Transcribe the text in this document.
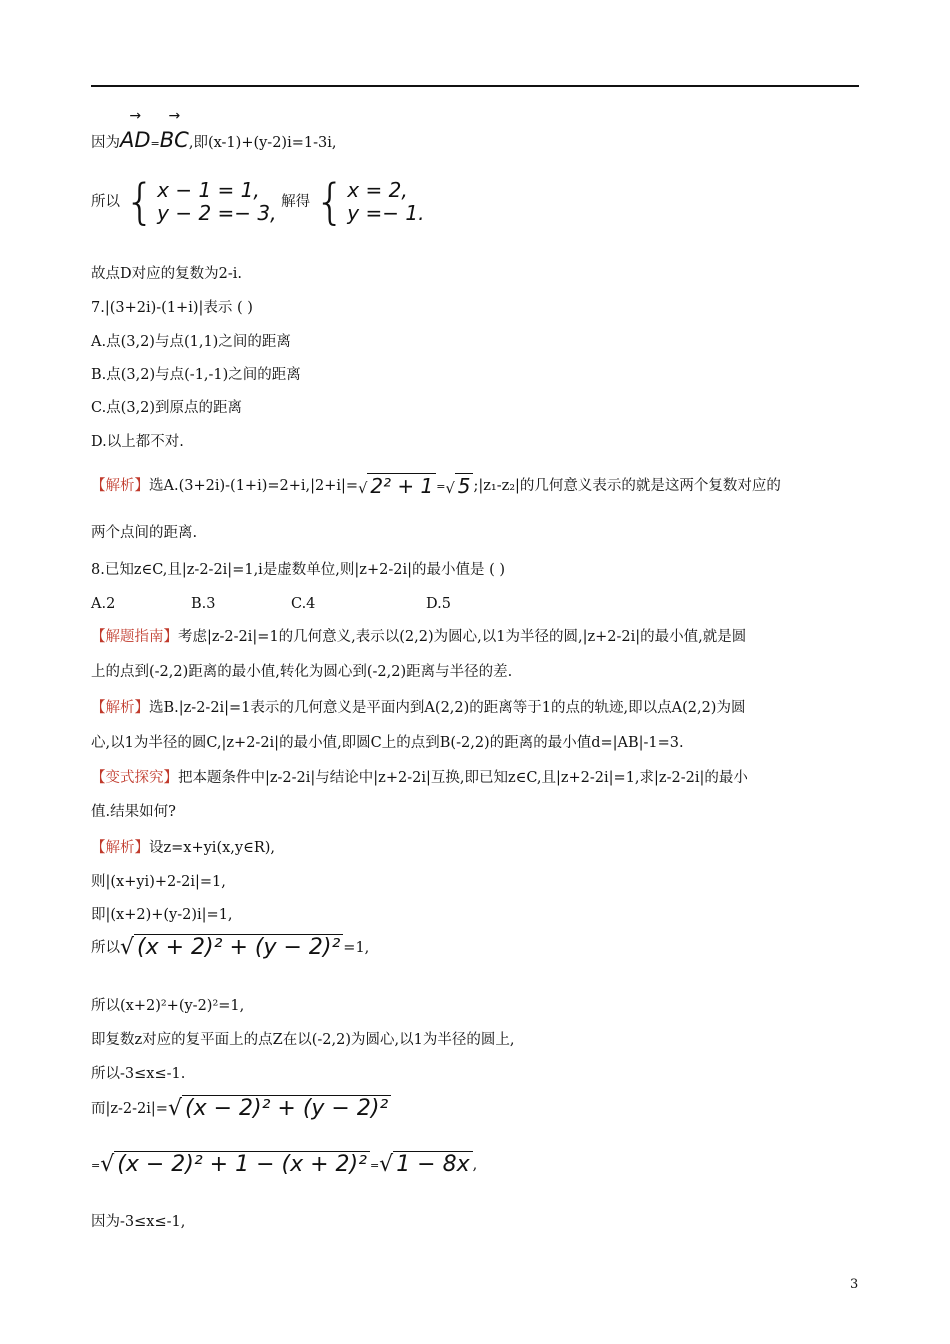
因为
→
AD=
→
BC,即(x-1)+(y-2)i=1-3i,
所以 { x − 1 = 1,
y − 2 =− 3, 解得 { x = 2,
y =− 1.
故点D对应的复数为2-i.
7.|(3+2i)-(1+i)|表示 ( )
A.点(3,2)与点(1,1)之间的距离
B.点(3,2)与点(-1,-1)之间的距离
C.点(3,2)到原点的距离
D.以上都不对.
【解析】选A.(3+2i)-(1+i)=2+i,|2+i|=√ 2² + 1 =√ 5 ;|z₁-z₂|的几何意义表示的就是这两个复数对应的
两个点间的距离.
8.已知z∈C,且|z-2-2i|=1,i是虚数单位,则|z+2-2i|的最小值是 ( )
A.2	B.3	C.4	D.5
【解题指南】考虑|z-2-2i|=1的几何意义,表示以(2,2)为圆心,以1为半径的圆,|z+2-2i|的最小值,就是圆
上的点到(-2,2)距离的最小值,转化为圆心到(-2,2)距离与半径的差.
【解析】选B.|z-2-2i|=1表示的几何意义是平面内到A(2,2)的距离等于1的点的轨迹,即以点A(2,2)为圆
心,以1为半径的圆C,|z+2-2i|的最小值,即圆C上的点到B(-2,2)的距离的最小值d=|AB|-1=3.
【变式探究】把本题条件中|z-2-2i|与结论中|z+2-2i|互换,即已知z∈C,且|z+2-2i|=1,求|z-2-2i|的最小
值.结果如何?
【解析】设z=x+yi(x,y∈R),
则|(x+yi)+2-2i|=1,
即|(x+2)+(y-2)i|=1,
所以√ (x + 2)² + (y − 2)² =1,
所以(x+2)²+(y-2)²=1,
即复数z对应的复平面上的点Z在以(-2,2)为圆心,以1为半径的圆上,
所以-3≤x≤-1.
而|z-2-2i|=√ (x − 2)² + (y − 2)²
=√ (x − 2)² + 1 − (x + 2)² =√ 1 − 8x ,
因为-3≤x≤-1,
3
